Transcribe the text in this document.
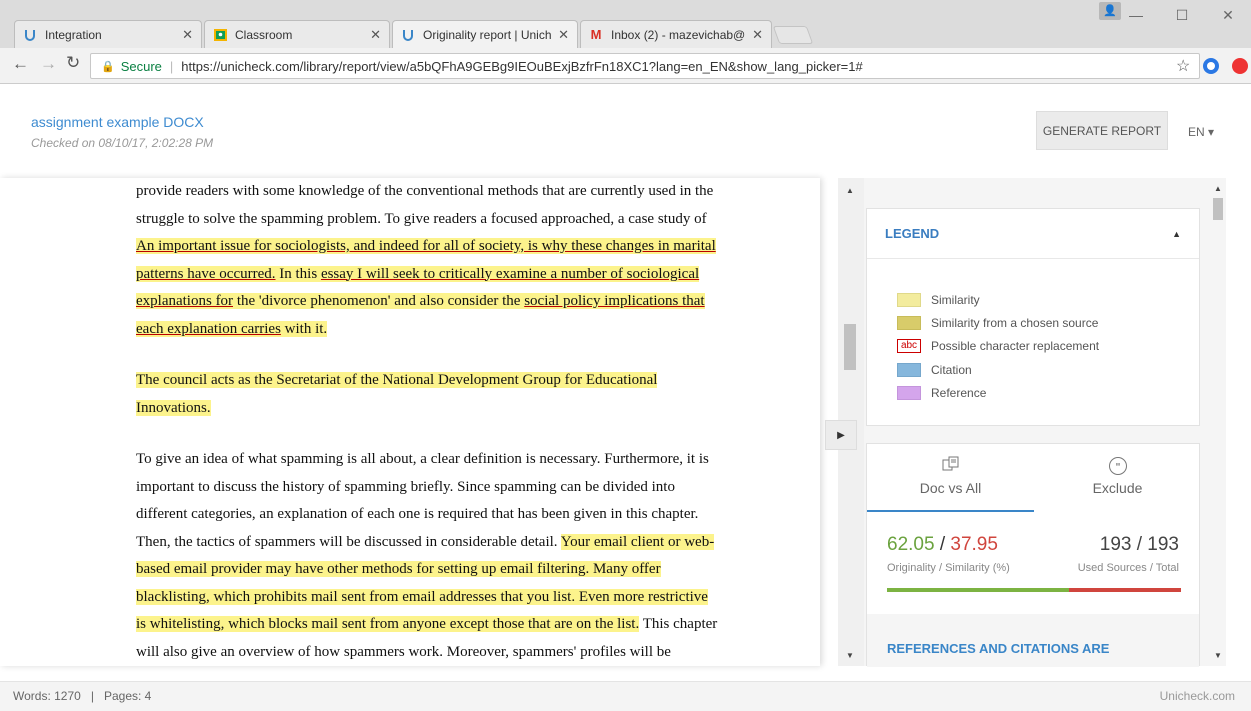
Integration	✕	Classroom	✕	Originality report | Unich ✕ M Inbox (2) - mazevichab@ ✕
👤 —	☐	✕
← → ↻ 🔒 Secure | https://unicheck.com/library/report/view/a5bQFhA9GEBg9IEOuBExjBzfrFn18XC1?lang=en_EN&show_lang_picker=1#	☆
assignment example DOCX
Checked on 08/10/17, 2:02:28 PM
GENERATE REPORT	EN ▾

provide readers with some knowledge of the conventional methods that are currently used in the

struggle to solve the spamming problem. To give readers a focused approached, a case study of

An important issue for sociologists, and indeed for all of society, is why these changes in marital

patterns have occurred. In this essay I will seek to critically examine a number of sociological

explanations for the 'divorce phenomenon' and also consider the social policy implications that

each explanation carries with it.

The council acts as the Secretariat of the National Development Group for Educational

Innovations.

To give an idea of what spamming is all about, a clear definition is necessary. Furthermore, it is

important to discuss the history of spamming briefly. Since spamming can be divided into

different categories, an explanation of each one is required that has been given in this chapter.

Then, the tactics of spammers will be discussed in considerable detail. Your email client or web-

based email provider may have other methods for setting up email filtering. Many offer

blacklisting, which prohibits mail sent from email addresses that you list. Even more restrictive

is whitelisting, which blocks mail sent from anyone except those that are on the list. This chapter

will also give an overview of how spammers work. Moreover, spammers' profiles will be

▲
▼
▶
LEGEND	▲
Similarity
Similarity from a chosen source
abc	Possible character replacement
Citation
Reference
Doc vs All
"
Exclude
62.05 / 37.95	193 / 193
Originality / Similarity (%)	Used Sources / Total
REFERENCES AND CITATIONS ARE
▲
▼
Words: 1270 | Pages: 4	Unicheck.com
